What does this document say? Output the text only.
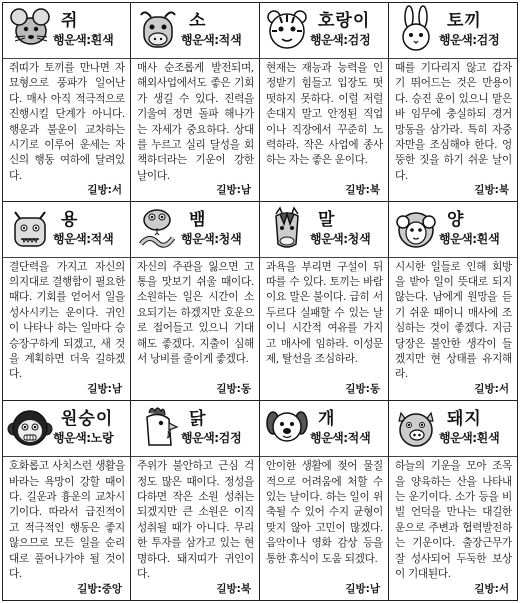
쥐
행운색:흰색
쥐띠가 토끼를 만나면 자묘형으로 풍파가 일어난다. 매사 아직 적극적으로 진행시킬 단계가 아니다. 행운과 불운이 교차하는 시기로 이루어 운세는 자신의 행동 여하에 달려있다.
길방:서
소
행운색:적색
매사 순조롭게 발전되며, 해외사업에서도 좋은 기회가 생길 수 있다. 진력을 기울여 정면 돌파 해나가는 자세가 중요하다. 상대를 누르고 실리 달성을 회책하더라는 기운이 강한 날이다.
길방:남
호랑이
행운색:검정
현재는 재능과 능력을 인정받기 힘들고 입장도 떳떳하지 못하다. 이럴 저럴 손대지 말고 안정된 직업이나 직장에서 꾸준히 노력하라. 작은 사업에 종사하는 자는 좋은 운이다.
길방:북
토끼
행운색:검정
때를 기다리지 않고 갑자기 뛰어드는 것은 만용이다. 승진 운이 있으니 맡은바 임무에 충실하되 경거망동을 삼가라. 특히 자중자만을 조심해야 한다. 엉뚱한 짓을 하기 쉬운 날이다.
길방:북
용
행운색:적색
결단력을 가지고 자신의 의지대로 결행함이 필요한 때다. 기회를 얻어서 일을 성사시키는 운이다. 귀인이 나타나 하는 일마다 승승장구하게 되겠고, 새 것을 계획하면 더욱 길하겠다.
길방:남
뱀
행운색:청색
자신의 주관을 잃으면 고통을 맛보기 쉬울 때이다. 소원하는 일은 시간이 소요되기는 하겠지만 호운으로 접어들고 있으니 기대해도 좋겠다. 지출이 심해서 낭비를 줄이게 좋겠다.
길방:동
말
행운색:청색
과욕을 부리면 구설이 뒤따를 수 있다. 토끼는 바람이요 말은 불이다. 급히 서두르다 실패할 수 있는 날이니 시간적 여유를 가지고 매사에 임하라. 이성문제, 탈선을 조심하라.
길방:동
양
행운색:흰색
시시한 일들로 인해 회방을 받아 일이 뜻대로 되지 않는다. 남에게 원망을 듣기 쉬운 때이니 매사에 조심하는 것이 좋겠다. 지금 당장은 불안한 생각이 들겠지만 현 상태를 유지해라.
길방:서
원숭이
행운색:노랑
호화롭고 사치스런 생활을 바라는 욕망이 강할 때이다. 길운과 흉운의 교차시기이다. 따라서 급진적이고 적극적인 행동은 좋지 않으므로 모든 일을 순리대로 풀어나가야 될 것이다.
길방:중앙
닭
행운색:검정
주위가 불안하고 근심 걱정도 많은 때이다. 정성을 다하면 작은 소원 성취는 되겠지만 큰 소원은 이직 성취될 때가 아니다. 무리한 투자를 삼가고 있는 현명하다. 돼지띠가 귀인이다.
길방:북
개
행운색:적색
안이한 생활에 젖어 물질적으로 어려움에 처할 수 있는 날이다. 하는 일이 위축될 수 있어 수지 균형이 맞지 않아 고민이 많겠다. 음악이나 영화 감상 등을 통한 휴식이 도움 되겠다.
길방:남
돼지
행운색:흰색
하늘의 기운을 모아 조목을 양육하는 산을 나타내는 운기이다. 소가 등을 비빌 언덕을 만나는 대길한 운으로 주변과 협력발전하는 기운이다. 출장근무가 잘 성사되어 두둑한 보상이 기대된다.
길방:서
